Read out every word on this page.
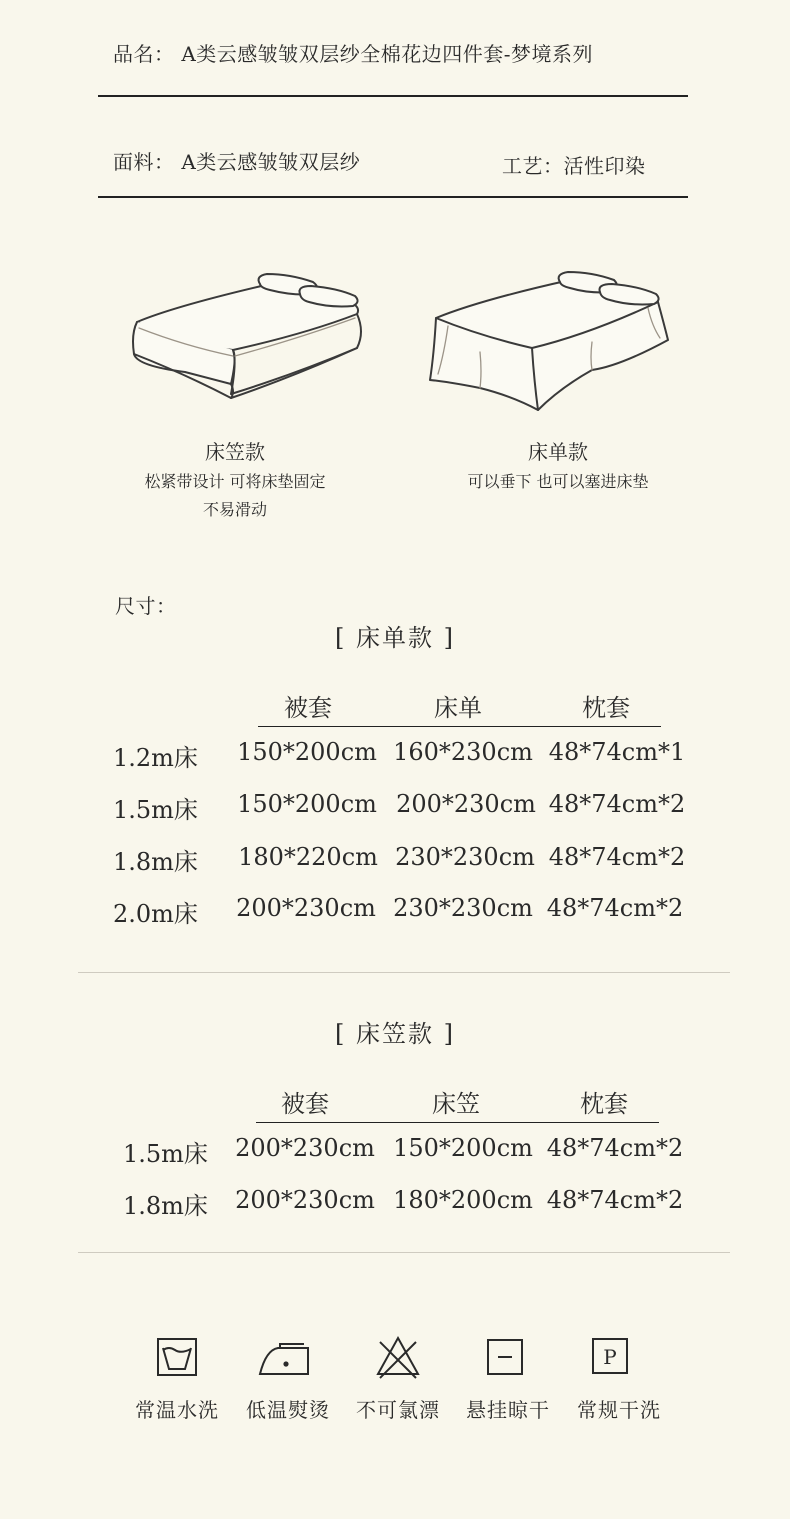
品名： A类云感皱皱双层纱全棉花边四件套-梦境系列
面料： A类云感皱皱双层纱	工艺：活性印染
床笠款
松紧带设计 可将床垫固定
不易滑动
床单款
可以垂下 也可以塞进床垫
尺寸：
[ 床单款 ]
被套	床单	枕套
1.2m床 150*200cm 160*230cm 48*74cm*1
1.5m床 150*200cm 200*230cm 48*74cm*2
1.8m床 180*220cm 230*230cm 48*74cm*2
2.0m床 200*230cm 230*230cm 48*74cm*2
[ 床笠款 ]
被套	床笠	枕套
1.5m床 200*230cm 150*200cm 48*74cm*2
1.8m床 200*230cm 180*200cm 48*74cm*2
P
常温水洗	低温熨烫	不可氯漂	悬挂晾干	常规干洗
